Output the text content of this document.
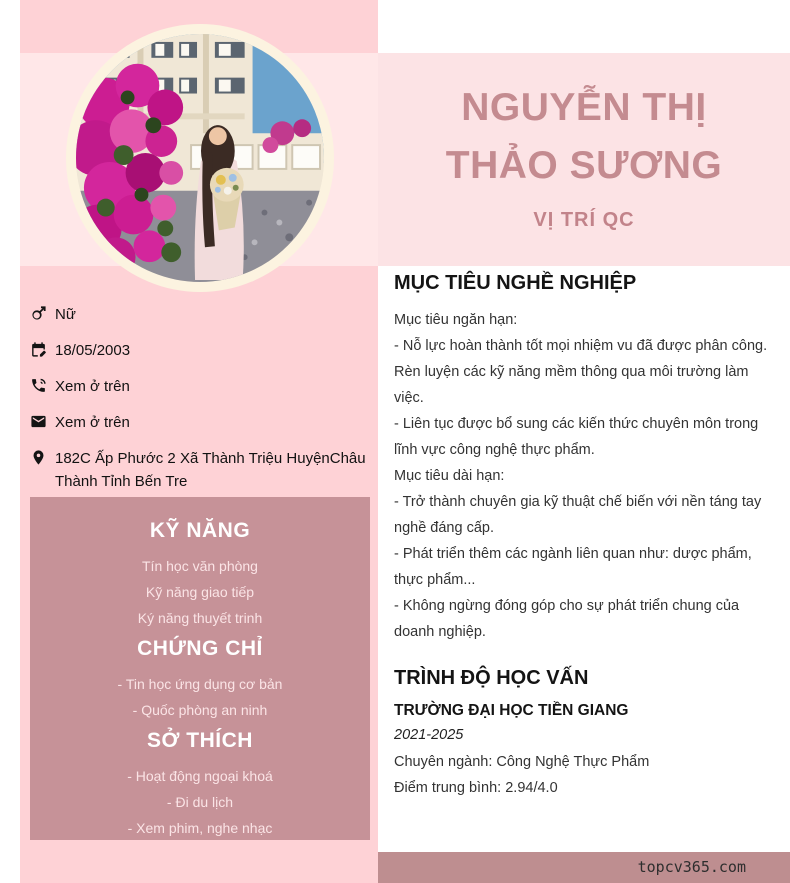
Nữ
18/05/2003
Xem ở trên
Xem ở trên
182C Ấp Phước 2 Xã Thành Triệu HuyệnChâu Thành Tỉnh Bến Tre
KỸ NĂNG
Tín học văn phòng
Kỹ năng giao tiếp
Ký năng thuyết trinh
CHỨNG CHỈ
- Tin học ứng dụng cơ bản
- Quốc phòng an ninh
SỞ THÍCH
- Hoạt động ngoại khoá
- Đi du lịch
- Xem phim, nghe nhạc
NGUYỄN THỊ THẢO SƯƠNG
VỊ TRÍ QC
MỤC TIÊU NGHỀ NGHIỆP
Mục tiêu ngăn hạn:
- Nỗ lực hoàn thành tốt mọi nhiệm vu đã được phân công. Rèn luyện các kỹ năng mềm thông qua môi trường làm việc.
- Liên tục được bổ sung các kiến thức chuyên môn trong lĩnh vực công nghệ thực phẩm.
Mục tiêu dài hạn:
- Trở thành chuyên gia kỹ thuật chế biến với nền táng tay nghề đáng cấp.
- Phát triển thêm các ngành liên quan như: dược phẩm, thực phẩm...
- Không ngừng đóng góp cho sự phát triển chung của doanh nghiệp.
TRÌNH ĐỘ HỌC VẤN
TRƯỜNG ĐẠI HỌC TIỀN GIANG
2021-2025
Chuyên ngành: Công Nghệ Thực Phẩm
Điểm trung bình: 2.94/4.0
topcv365.com
